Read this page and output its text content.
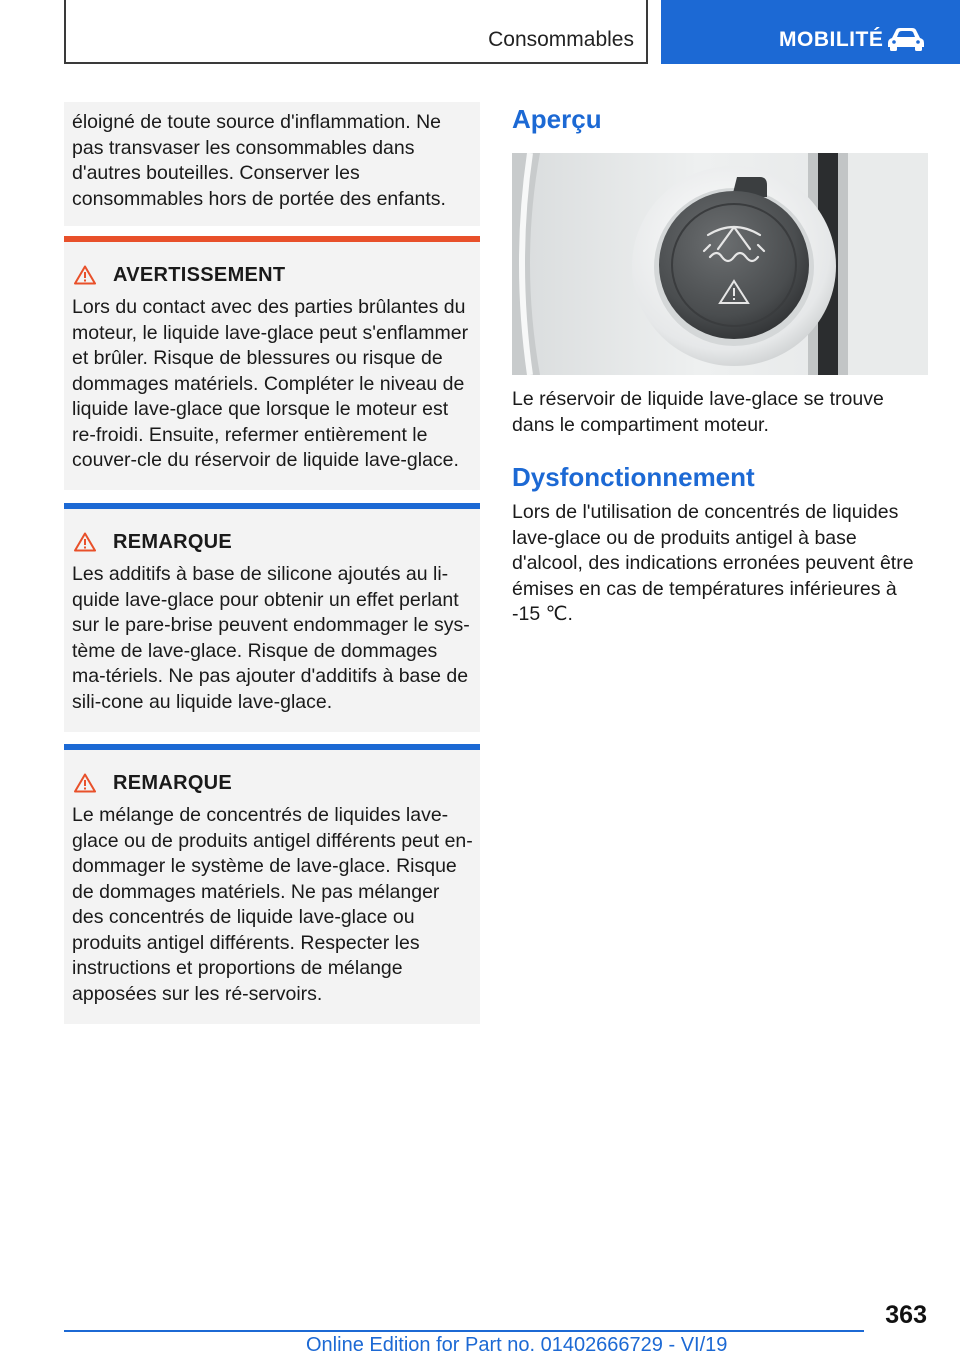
Consommables	MOBILITÉ

éloigné de toute source d'inflammation. Ne pas transvaser les consommables dans d'autres bouteilles. Conserver les consommables hors de portée des enfants.

AVERTISSEMENT

Lors du contact avec des parties brûlantes du moteur, le liquide lave-glace peut s'enflammer et brûler. Risque de blessures ou risque de dommages matériels. Compléter le niveau de liquide lave-glace que lorsque le moteur est re-froidi. Ensuite, refermer entièrement le couver-cle du réservoir de liquide lave-glace.

REMARQUE

Les additifs à base de silicone ajoutés au li-quide lave-glace pour obtenir un effet perlant sur le pare-brise peuvent endommager le sys-tème de lave-glace. Risque de dommages ma-tériels. Ne pas ajouter d'additifs à base de sili-cone au liquide lave-glace.

REMARQUE

Le mélange de concentrés de liquides lave-glace ou de produits antigel différents peut en-dommager le système de lave-glace. Risque de dommages matériels. Ne pas mélanger des concentrés de liquide lave-glace ou produits antigel différents. Respecter les instructions et proportions de mélange apposées sur les ré-servoirs.

Aperçu

Le réservoir de liquide lave-glace se trouve dans le compartiment moteur.

Dysfonctionnement

Lors de l'utilisation de concentrés de liquides lave-glace ou de produits antigel à base d'alcool, des indications erronées peuvent être émises en cas de températures inférieures à -15 ℃.

363
Online Edition for Part no. 01402666729 - VI/19
